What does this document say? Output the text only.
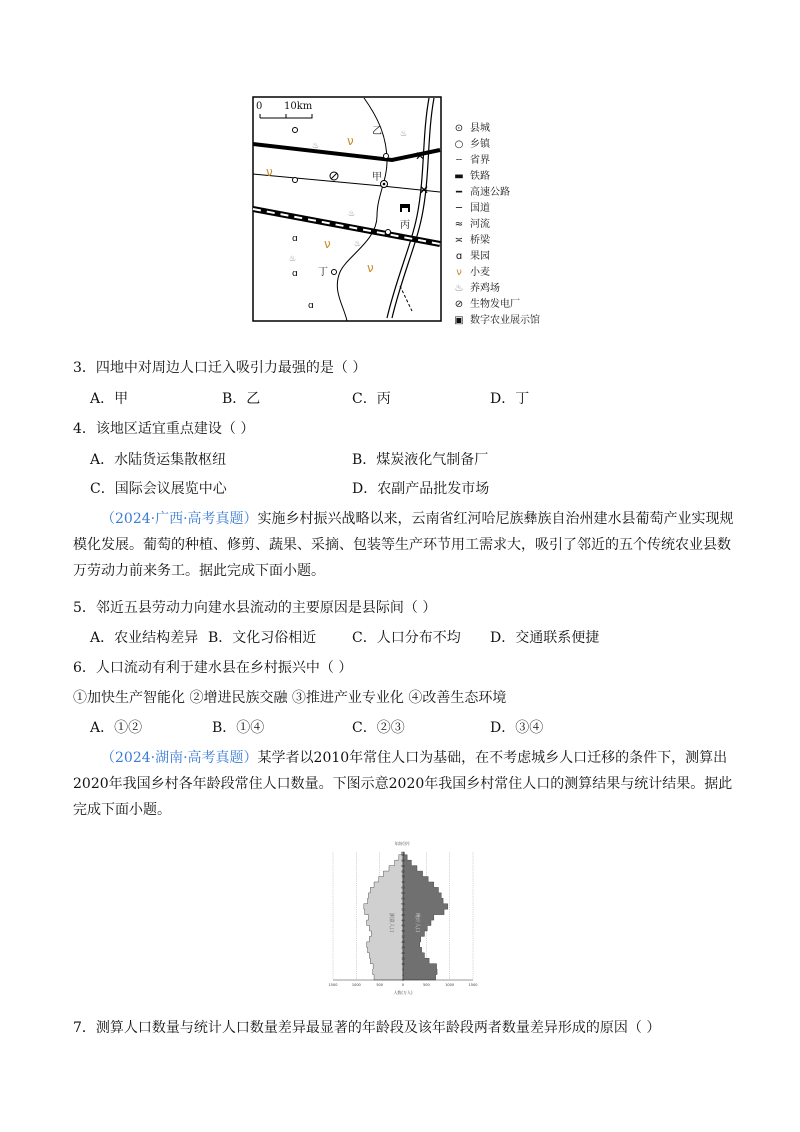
✕
✕
ν
ν
ν
ν
ɑ
ɑ
ɑ
♨
♨
♨
♨
♨
0 10km
乙
甲
丙
丁
⊙ 县城
○ 乡镇
┄ 省界
▬ 铁路
━ 高速公路
─ 国道
≈ 河流
≍ 桥梁
ɑ 果园
ν 小麦
♨ 养鸡场
⊘ 生物发电厂
▣ 数字农业展示馆
3．四地中对周边人口迁入吸引力最强的是（ ）
A．甲	B．乙	C．丙	D．丁
4．该地区适宜重点建设（ ）
A．水陆货运集散枢纽	B．煤炭液化气制备厂
C．国际会议展览中心	D．农副产品批发市场
（2024·广西·高考真题）实施乡村振兴战略以来，云南省红河哈尼族彝族自治州建水县葡萄产业实现规模化发展。葡萄的种植、修剪、蔬果、采摘、包装等生产环节用工需求大，吸引了邻近的五个传统农业县数万劳动力前来务工。据此完成下面小题。
5．邻近五县劳动力向建水县流动的主要原因是县际间（ ）
A．农业结构差异 B．文化习俗相近	C．人口分布不均 D．交通联系便捷
6．人口流动有利于建水县在乡村振兴中（ ）
①加快生产智能化 ②增进民族交融 ③推进产业专业化 ④改善生态环境
A．①②	B．①④	C．②③	D．③④
（2024·湖南·高考真题）某学者以2010年常住人口为基础，在不考虑城乡人口迁移的条件下，测算出2020年我国乡村各年龄段常住人口数量。下图示意2020年我国乡村常住人口的测算结果与统计结果。据此完成下面小题。
年龄(岁)
人数(万人)
0
4
8
12
16
20
24
28
32
36
40
44
48
52
56
60
64
68
72
76
80
84
88
92
1500	1000	500	0	500	1000	1500
测算人口	统计人口
7．测算人口数量与统计人口数量差异最显著的年龄段及该年龄段两者数量差异形成的原因（ ）
